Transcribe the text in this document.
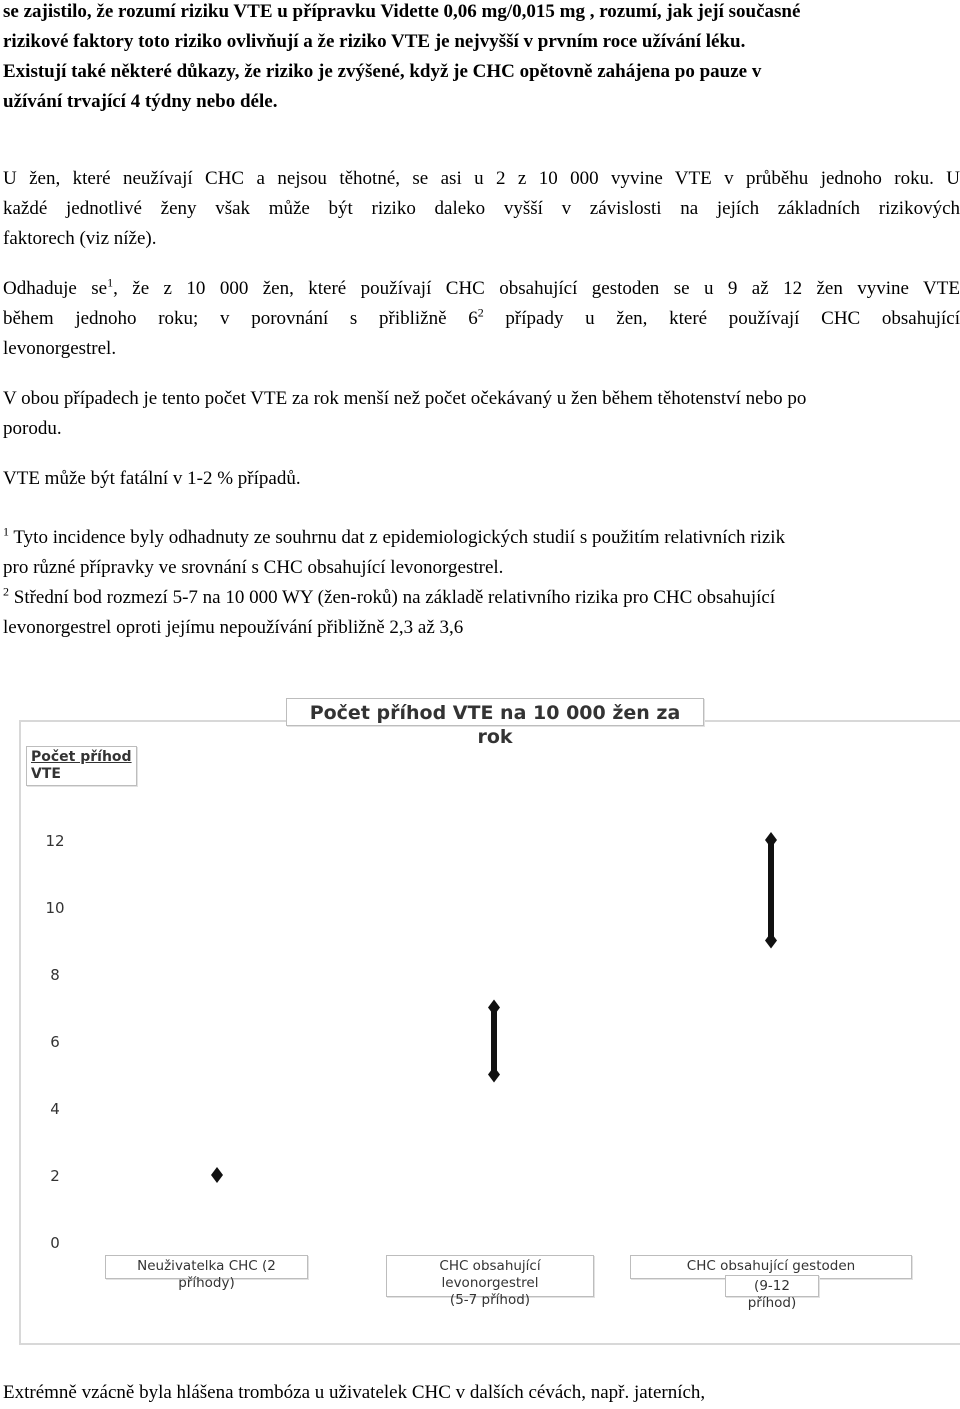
se zajistilo, že rozumí riziku VTE u přípravku Vidette 0,06 mg/0,015 mg , rozumí, jak její současné
rizikové faktory toto riziko ovlivňují a že riziko VTE je nejvyšší v prvním roce užívání léku.
Existují také některé důkazy, že riziko je zvýšené, když je CHC opětovně zahájena po pauze v
užívání trvající 4 týdny nebo déle.
U žen, které neužívají CHC a nejsou těhotné, se asi u 2 z 10 000 vyvine VTE v průběhu jednoho roku. U
každé jednotlivé ženy však může být riziko daleko vyšší v závislosti na jejích základních rizikových
faktorech (viz níže).
Odhaduje $se^1$, že z 10 000 žen, které používají CHC obsahující gestoden se u 9 až 12 žen vyvine VTE
během jednoho roku; v porovnání s přibližně $6^2$ případy u žen, které používají CHC obsahující
levonorgestrel.
V obou případech je tento počet VTE za rok menší než počet očekávaný u žen během těhotenství nebo po
porodu.
VTE může být fatální v 1-2 % případů.
$^1$ Tyto incidence byly odhadnuty ze souhrnu dat z epidemiologických studií s použitím relativních rizik
pro různé přípravky ve srovnání s CHC obsahující levonorgestrel.
$^2$ Střední bod rozmezí 5-7 na 10 000 WY (žen-roků) na základě relativního rizika pro CHC obsahující
levonorgestrel oproti jejímu nepoužívání přibližně 2,3 až 3,6
0
2
4
6
8
10
12
Počet příhod VTE na 10 000 žen za rok
Počet příhod
VTE
Neuživatelka CHC (2 příhody)
CHC obsahující levonorgestrel
(5-7 příhod)
CHC obsahující gestoden
(9-12 příhod)
Extrémně vzácně byla hlášena trombóza u uživatelek CHC v dalších cévách, např. jaterních,
